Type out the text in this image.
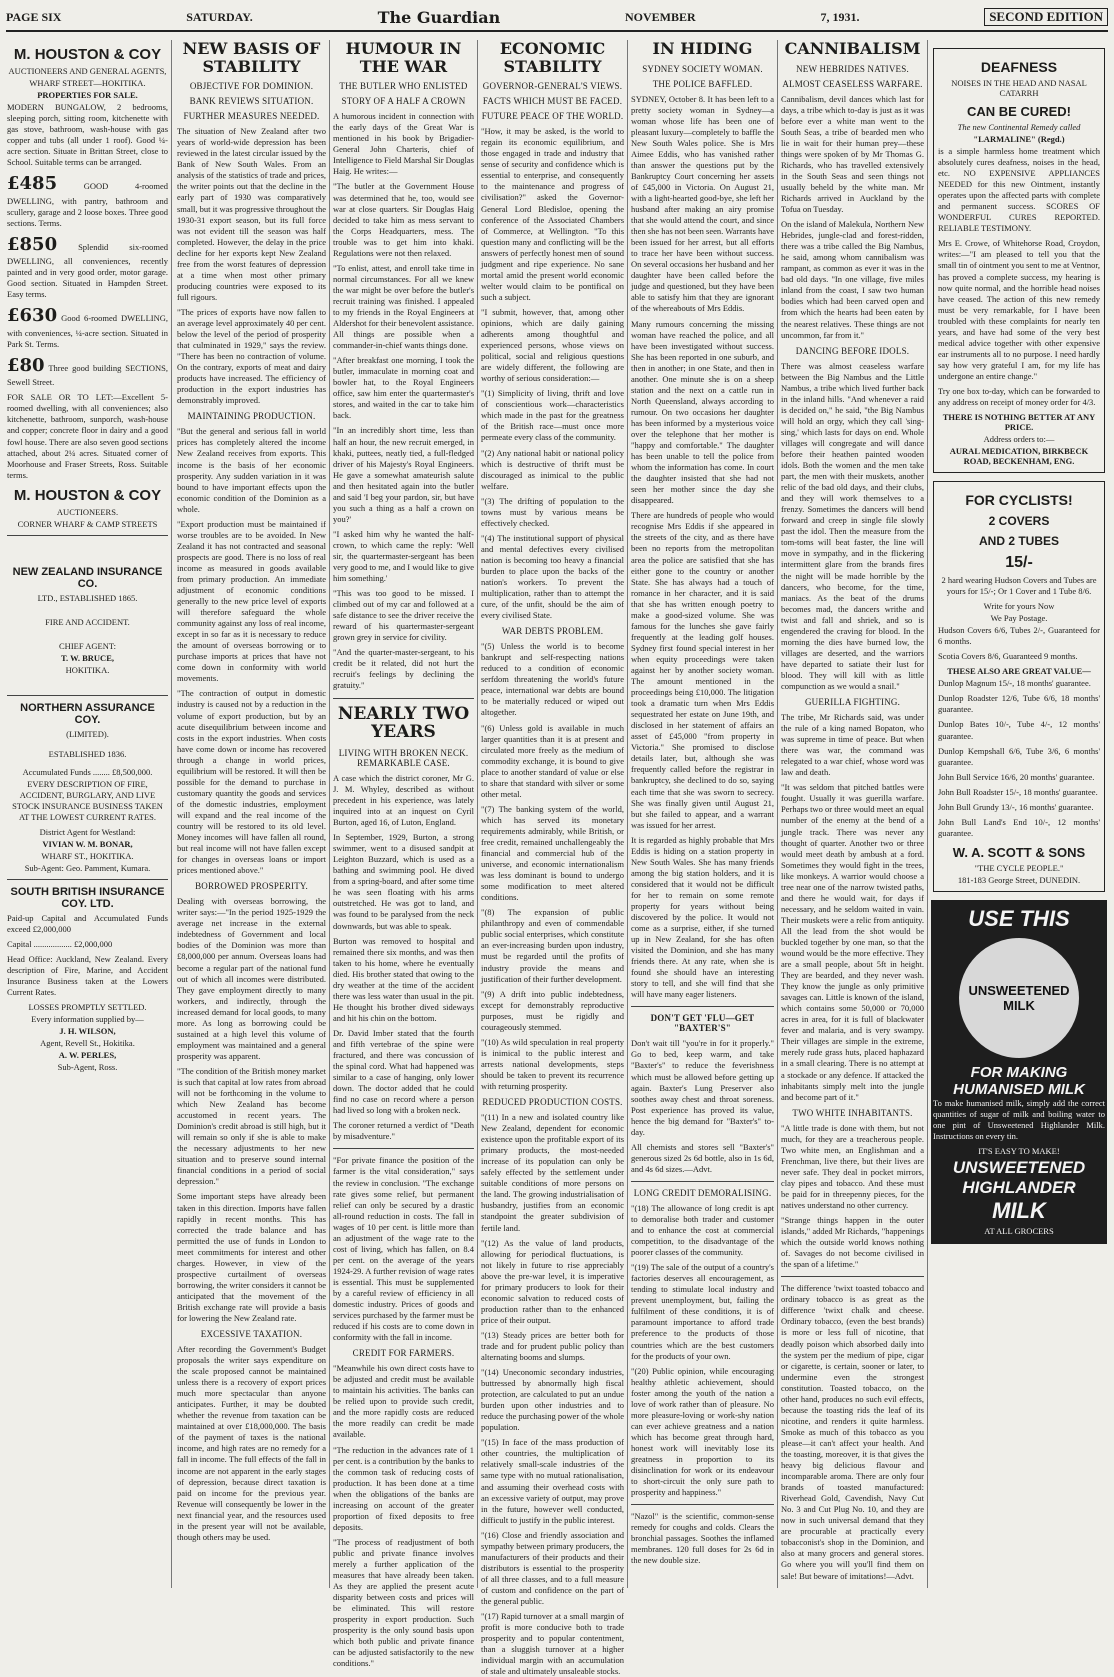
PAGE SIX	SATURDAY.	The Guardian	NOVEMBER	7, 1931.	SECOND EDITION
M. HOUSTON & COY
AUCTIONEERS AND GENERAL AGENTS,
WHARF STREET—HOKITIKA.
PROPERTIES FOR SALE.

MODERN BUNGALOW, 2 bedrooms, sleeping porch, sitting room, kitchenette with gas stove, bathroom, wash-house with gas copper and tubs (all under 1 roof). Good ¼-acre section. Situate in Brittan Street, close to School. Suitable terms can be arranged.

£485	GOOD 4-roomed DWELLING, with pantry, bathroom and scullery, garage and 2 loose boxes. Three good sections. Terms.

£850 Splendid six-roomed DWELLING, all conveniences, recently painted and in very good order, motor garage. Good section. Situated in Hampden Street. Easy terms.

£630 Good 6-roomed DWELLING, with conveniences, ¼-acre section. Situated in Park St. Terms.

£80 Three good building SECTIONS, Sewell Street.

FOR SALE OR TO LET:—Excellent 5-roomed dwelling, with all conveniences; also kitchenette, bathroom, sunporch, wash-house and copper; concrete floor in dairy and a good fowl house. There are also seven good sections attached, about 2¼ acres. Situated corner of Moorhouse and Fraser Streets, Ross. Suitable terms.

M. HOUSTON & COY
AUCTIONEERS.
CORNER WHARF & CAMP STREETS
NEW ZEALAND INSURANCE CO.
LTD., ESTABLISHED 1865.
FIRE AND ACCIDENT.
CHIEF AGENT:
T. W. BRUCE,
HOKITIKA.
NORTHERN ASSURANCE COY.
(LIMITED).
ESTABLISHED 1836.
Accumulated Funds ........ £8,500,000.

EVERY DESCRIPTION OF FIRE, ACCIDENT, BURGLARY, AND LIVE STOCK INSURANCE BUSINESS TAKEN AT THE LOWEST CURRENT RATES.

District Agent for Westland:
VIVIAN W. M. BONAR,
WHARF ST., HOKITIKA.
Sub-Agent: Geo. Pamment, Kumara.
SOUTH BRITISH INSURANCE COY. LTD.

Paid-up Capital and Accumulated Funds exceed £2,000,000

Capital .................. £2,000,000

Head Office: Auckland, New Zealand. Every description of Fire, Marine, and Accident Insurance Business taken at the Lowers Current Rates.

LOSSES PROMPTLY SETTLED.
Every information supplied by—
J. H. WILSON,
Agent, Revell St., Hokitika.
A. W. PERLES,
Sub-Agent, Ross.
NEW BASIS OF STABILITY
OBJECTIVE FOR DOMINION.
BANK REVIEWS SITUATION.
FURTHER MEASURES NEEDED.

The situation of New Zealand after two years of world-wide depression has been reviewed in the latest circular issued by the Bank of New South Wales. From an analysis of the statistics of trade and prices, the writer points out that the decline in the early part of 1930 was comparatively small, but it was progressive throughout the 1930-31 export season, but its full force was not evident till the season was half completed. However, the delay in the price decline for her exports kept New Zealand free from the worst features of depression at a time when most other primary producing countries were exposed to its full rigours.

"The prices of exports have now fallen to an average level approximately 40 per cent. below the level of the period of prosperity that culminated in 1929," says the review. "There has been no contraction of volume. On the contrary, exports of meat and dairy products have increased. The efficiency of production in the export industries has demonstrably improved.

MAINTAINING PRODUCTION.

"But the general and serious fall in world prices has completely altered the income New Zealand receives from exports. This income is the basis of her economic prosperity. Any sudden variation in it was bound to have important effects upon the economic condition of the Dominion as a whole.

"Export production must be maintained if worse troubles are to be avoided. In New Zealand it has not contracted and seasonal prospects are good. There is no loss of real income as measured in goods available from primary production. An immediate adjustment of economic conditions generally to the new price level of exports will therefore safeguard the whole community against any loss of real income, except in so far as it is necessary to reduce the amount of overseas borrowing or to purchase imports at prices that have not come down in conformity with world movements.

"The contraction of output in domestic industry is caused not by a reduction in the volume of export production, but by an acute disequilibrium between income and costs in the export industries. When costs have come down or income has recovered through a change in world prices, equilibrium will be restored. It will then be possible for the demand to purchase in customary quantity the goods and services of the domestic industries, employment will expand and the real income of the country will be restored to its old level. Money incomes will have fallen all round, but real income will not have fallen except for changes in overseas loans or import prices mentioned above."

BORROWED PROSPERITY.

Dealing with overseas borrowing, the writer says:—"In the period 1925-1929 the average net increase in the external indebtedness of Government and local bodies of the Dominion was more than £8,000,000 per annum. Overseas loans had become a regular part of the national fund out of which all incomes were distributed. They gave employment directly to many workers, and indirectly, through the increased demand for local goods, to many more. As long as borrowing could be sustained at a high level this volume of employment was maintained and a general prosperity was apparent.

"The condition of the British money market is such that capital at low rates from abroad will not be forthcoming in the volume to which New Zealand has become accustomed in recent years. The Dominion's credit abroad is still high, but it will remain so only if she is able to make the necessary adjustments to her new situation and to preserve sound internal financial conditions in a period of social depression."

Some important steps have already been taken in this direction. Imports have fallen rapidly in recent months. This has corrected the trade balance and has permitted the use of funds in London to meet commitments for interest and other charges. However, in view of the prospective curtailment of overseas borrowing, the writer considers it cannot be anticipated that the movement of the British exchange rate will provide a basis for lowering the New Zealand rate.

EXCESSIVE TAXATION.

After recording the Government's Budget proposals the writer says expenditure on the scale proposed cannot be maintained unless there is a recovery of export prices much more spectacular than anyone anticipates. Further, it may be doubted whether the revenue from taxation can be maintained at over £18,000,000. The basis of the payment of taxes is the national income, and high rates are no remedy for a fall in income. The full effects of the fall in income are not apparent in the early stages of depression, because direct taxation is paid on income for the previous year. Revenue will consequently be lower in the next financial year, and the resources used in the present year will not be available, though others may be used.

HUMOUR IN THE WAR
THE BUTLER WHO ENLISTED
STORY OF A HALF A CROWN

A humorous incident in connection with the early days of the Great War is mentioned in his book by Brigadier-General John Charteris, chief of Intelligence to Field Marshal Sir Douglas Haig. He writes:—

"The butler at the Government House was determined that he, too, would see war at close quarters. Sir Douglas Haig decided to take him as mess servant to the Corps Headquarters, mess. The trouble was to get him into khaki. Regulations were not then relaxed.

"To enlist, attest, and enroll take time in normal circumstances. For all we knew the war might be over before the butler's recruit training was finished. I appealed to my friends in the Royal Engineers at Aldershot for their benevolent assistance. All things are possible when a commander-in-chief wants things done.

"After breakfast one morning, I took the butler, immaculate in morning coat and bowler hat, to the Royal Engineers office, saw him enter the quartermaster's stores, and waited in the car to take him back.

"In an incredibly short time, less than half an hour, the new recruit emerged, in khaki, puttees, neatly tied, a full-fledged driver of his Majesty's Royal Engineers. He gave a somewhat amateurish salute and then hesitated again into the butler and said 'I beg your pardon, sir, but have you such a thing as a half a crown on you?'

"I asked him why he wanted the half-crown, to which came the reply: 'Well sir, the quartermaster-sergeant has been very good to me, and I would like to give him something.'

"This was too good to be missed. I climbed out of my car and followed at a safe distance to see the driver receive the reward of his quartermaster-sergeant grown grey in service for civility.

"And the quarter-master-sergeant, to his credit be it related, did not hurt the recruit's feelings by declining the gratuity."

NEARLY TWO YEARS
LIVING WITH BROKEN NECK. REMARKABLE CASE.

A case which the district coroner, Mr G. J. M. Whyley, described as without precedent in his experience, was lately inquired into at an inquest on Cyril Burton, aged 16, of Luton, England.

In September, 1929, Burton, a strong swimmer, went to a disused sandpit at Leighton Buzzard, which is used as a bathing and swimming pool. He dived from a spring-board, and after some time he was seen floating with his arms outstretched. He was got to land, and was found to be paralysed from the neck downwards, but was able to speak.

Burton was removed to hospital and remained there six months, and was then taken to his home, where he eventually died. His brother stated that owing to the dry weather at the time of the accident there was less water than usual in the pit. He thought his brother dived sideways and hit his chin on the bottom.

Dr. David Imber stated that the fourth and fifth vertebrae of the spine were fractured, and there was concussion of the spinal cord. What had happened was similar to a case of hanging, only lower down. The doctor added that he could find no case on record where a person had lived so long with a broken neck.

The coroner returned a verdict of "Death by misadventure."

"For private finance the position of the farmer is the vital consideration," says the review in conclusion. "The exchange rate gives some relief, but permanent relief can only be secured by a drastic all-round reduction in costs. The fall in wages of 10 per cent. is little more than an adjustment of the wage rate to the cost of living, which has fallen, on 8.4 per cent. on the average of the years 1924-29. A further revision of wage rates is essential. This must be supplemented by a careful review of efficiency in all domestic industry. Prices of goods and services purchased by the farmer must be reduced if his costs are to come down in conformity with the fall in income.

CREDIT FOR FARMERS.

"Meanwhile his own direct costs have to be adjusted and credit must be available to maintain his activities. The banks can be relied upon to provide such credit, and the more rapidly costs are reduced the more readily can credit be made available.

"The reduction in the advances rate of 1 per cent. is a contribution by the banks to the common task of reducing costs of production. It has been done at a time when the obligations of the banks are increasing on account of the greater proportion of fixed deposits to free deposits.

"The process of readjustment of both public and private finance involves merely a further application of the measures that have already been taken. As they are applied the present acute disparity between costs and prices will be eliminated. This will restore prosperity in export production. Such prosperity is the only sound basis upon which both public and private finance can be adjusted satisfactorily to the new conditions."

ECONOMIC STABILITY
GOVERNOR-GENERAL'S VIEWS.
FACTS WHICH MUST BE FACED.
FUTURE PEACE OF THE WORLD.

"How, it may be asked, is the world to regain its economic equilibrium, and those engaged in trade and industry that sense of security and confidence which is essential to enterprise, and consequently to the maintenance and progress of civilisation?" asked the Governor-General Lord Bledisloe, opening the conference of the Associated Chambers of Commerce, at Wellington. "To this question many and conflicting will be the answers of perfectly honest men of sound judgment and ripe experience. No sane mortal amid the present world economic welter would claim to be pontifical on such a subject.

"I submit, however, that, among other opinions, which are daily gaining adherents among thoughtful and experienced persons, whose views on political, social and religious questions are widely different, the following are worthy of serious consideration:—

"(1) Simplicity of living, thrift and love of conscientious work—characteristics which made in the past for the greatness of the British race—must once more permeate every class of the community.

"(2) Any national habit or national policy which is destructive of thrift must be discouraged as inimical to the public welfare.

"(3) The drifting of population to the towns must by various means be effectively checked.

"(4) The institutional support of physical and mental defectives every civilised nation is becoming too heavy a financial burden to place upon the backs of the nation's workers. To prevent the multiplication, rather than to attempt the cure, of the unfit, should be the aim of every civilised State.

WAR DEBTS PROBLEM.

"(5) Unless the world is to become bankrupt and self-respecting nations reduced to a condition of economic serfdom threatening the world's future peace, international war debts are bound to be materially reduced or wiped out altogether.

"(6) Unless gold is available in much larger quantities than it is at present and circulated more freely as the medium of commodity exchange, it is bound to give place to another standard of value or else to share that standard with silver or some other metal.

"(7) The banking system of the world, which has served its monetary requirements admirably, while British, or free credit, remained unchallengeably the financial and commercial hub of the universe, and economic internationalism was less dominant is bound to undergo some modification to meet altered conditions.

"(8) The expansion of public philanthropy and even of commendable public social enterprises, which constitute an ever-increasing burden upon industry, must be regarded until the profits of industry provide the means and justification of their further development.

"(9) A drift into public indebtedness, except for demonstrably reproductive purposes, must be rigidly and courageously stemmed.

"(10) As wild speculation in real property is inimical to the public interest and arrests national developments, steps should be taken to prevent its recurrence with returning prosperity.

REDUCED PRODUCTION COSTS.

"(11) In a new and isolated country like New Zealand, dependent for economic existence upon the profitable export of its primary products, the most-needed increase of its population can only be safely effected by the settlement under suitable conditions of more persons on the land. The growing industrialisation of husbandry, justifies from an economic standpoint the greater subdivision of fertile land.

"(12) As the value of land products, allowing for periodical fluctuations, is not likely in future to rise appreciably above the pre-war level, it is imperative for primary producers to look for their economic salvation to reduced costs of production rather than to the enhanced price of their output.

"(13) Steady prices are better both for trade and for prudent public policy than alternating booms and slumps.

"(14) Uneconomic secondary industries, buttressed by abnormally high fiscal protection, are calculated to put an undue burden upon other industries and to reduce the purchasing power of the whole population.

"(15) In face of the mass production of other countries, the multiplication of relatively small-scale industries of the same type with no mutual rationalisation, and assuming their overhead costs with an excessive variety of output, may prove in the future, however well conducted, difficult to justify in the public interest.

"(16) Close and friendly association and sympathy between primary producers, the manufacturers of their products and their distributors is essential to the prosperity of all three classes, and to a full measure of custom and confidence on the part of the general public.

"(17) Rapid turnover at a small margin of profit is more conducive both to trade prosperity and to popular contentment, than a sluggish turnover at a higher individual margin with an accumulation of stale and ultimately unsaleable stocks.

IN HIDING
SYDNEY SOCIETY WOMAN.
THE POLICE BAFFLED.

SYDNEY, October 8. It has been left to a pretty society woman in Sydney—a woman whose life has been one of pleasant luxury—completely to baffle the New South Wales police. She is Mrs Aimee Eddis, who has vanished rather than answer the questions put by the Bankruptcy Court concerning her assets of £45,000 in Victoria. On August 21, with a light-hearted good-bye, she left her husband after making an airy promise that she would attend the court, and since then she has not been seen. Warrants have been issued for her arrest, but all efforts to trace her have been without success. On several occasions her husband and her daughter have been called before the judge and questioned, but they have been able to satisfy him that they are ignorant of the whereabouts of Mrs Eddis.

Many rumours concerning the missing woman have reached the police, and all have been investigated without success. She has been reported in one suburb, and then in another; in one State, and then in another. One minute she is on a sheep station and the next on a cattle run in North Queensland, always according to rumour. On two occasions her daughter has been informed by a mysterious voice over the telephone that her mother is "happy and comfortable." The daughter has been unable to tell the police from whom the information has come. In court the daughter insisted that she had not seen her mother since the day she disappeared.

There are hundreds of people who would recognise Mrs Eddis if she appeared in the streets of the city, and as there have been no reports from the metropolitan area the police are satisfied that she has either gone to the country or another State. She has always had a touch of romance in her character, and it is said that she has written enough poetry to make a good-sized volume. She was famous for the lunches she gave fairly frequently at the leading golf houses. Sydney first found special interest in her when equity proceedings were taken against her by another society woman. The amount mentioned in the proceedings being £10,000. The litigation took a dramatic turn when Mrs Eddis sequestrated her estate on June 19th, and disclosed in her statement of affairs an asset of £45,000 "from property in Victoria." She promised to disclose details later, but, although she was frequently called before the registrar in bankruptcy, she declined to do so, saying each time that she was sworn to secrecy. She was finally given until August 21, but she failed to appear, and a warrant was issued for her arrest.

It is regarded as highly probable that Mrs Eddis is hiding on a station property in New South Wales. She has many friends among the big station holders, and it is considered that it would not be difficult for her to remain on some remote property for years without being discovered by the police. It would not come as a surprise, either, if she turned up in New Zealand, for she has often visited the Dominion, and she has many friends there. At any rate, when she is found she should have an interesting story to tell, and she will find that she will have many eager listeners.

DON'T GET 'FLU—GET "BAXTER'S"

Don't wait till "you're in for it properly." Go to bed, keep warm, and take "Baxter's" to reduce the feverishness which must be allowed before getting up again. Baxter's Lung Preserver also soothes away chest and throat soreness. Post experience has proved its value, hence the big demand for "Baxter's" to-day.

All chemists and stores sell "Baxter's" generous sized 2s 6d bottle, also in 1s 6d, and 4s 6d sizes.—Advt.

LONG CREDIT DEMORALISING.

"(18) The allowance of long credit is apt to demoralise both trader and customer and to enhance the cost at commercial competition, to the disadvantage of the poorer classes of the community.

"(19) The sale of the output of a country's factories deserves all encouragement, as tending to stimulate local industry and prevent unemployment, but, failing the fulfilment of these conditions, it is of paramount importance to afford trade preference to the products of those countries which are the best customers for the products of your own.

"(20) Public opinion, while encouraging healthy athletic achievement, should foster among the youth of the nation a love of work rather than of pleasure. No more pleasure-loving or work-shy nation can ever achieve greatness and a nation which has become great through hard, honest work will inevitably lose its greatness in proportion to its disinclination for work or its endeavour to short-circuit the only sure path to prosperity and happiness."

"Nazol" is the scientific, common-sense remedy for coughs and colds. Clears the bronchial passages. Soothes the inflamed membranes. 120 full doses for 2s 6d in the new double size.

CANNIBALISM
NEW HEBRIDES NATIVES.
ALMOST CEASELESS WARFARE.

Cannibalism, devil dances which last for days, a tribe which to-day is just as it was before ever a white man went to the South Seas, a tribe of bearded men who lie in wait for their human prey—these things were spoken of by Mr Thomas G. Richards, who has travelled extensively in the South Seas and seen things not usually beheld by the white man. Mr Richards arrived in Auckland by the Tofua on Tuesday.

On the island of Malekula, Northern New Hebrides, jungle-clad and forest-ridden, there was a tribe called the Big Nambus, he said, among whom cannibalism was rampant, as common as ever it was in the bad old days. "In one village, five miles inland from the coast, I saw two human bodies which had been carved open and from which the hearts had been eaten by the nearest relatives. These things are not uncommon, far from it."

DANCING BEFORE IDOLS.

There was almost ceaseless warfare between the Big Nambus and the Little Nambus, a tribe which lived further back in the inland hills. "And whenever a raid is decided on," he said, "the Big Nambus will hold an orgy, which they call 'sing-sing,' which lasts for days on end. Whole villages will congregate and will dance before their heathen painted wooden idols. Both the women and the men take part, the men with their muskets, another relic of the bad old days, and their clubs, and they will work themselves to a frenzy. Sometimes the dancers will bend forward and creep in single file slowly past the idol. Then the measure from the tom-toms will beat faster, the line will move in sympathy, and in the flickering intermittent glare from the brands fires the night will be made horrible by the dancers, who become, for the time, maniacs. As the beat of the drums becomes mad, the dancers writhe and twist and fall and shriek, and so is engendered the craving for blood. In the morning the dies have burned low, the villages are deserted, and the warriors have departed to satiate their lust for blood. They will kill with as little compunction as we would a snail."

GUERILLA FIGHTING.

The tribe, Mr Richards said, was under the rule of a king named Bopaton, who was supreme in time of peace. But when there was war, the command was relegated to a war chief, whose word was law and death.

"It was seldom that pitched battles were fought. Usually it was guerilla warfare. Perhaps two or three would meet an equal number of the enemy at the bend of a jungle track. There was never any thought of quarter. Another two or three would meet death by ambush at a ford. Sometimes they would fight in the trees, like monkeys. A warrior would choose a tree near one of the narrow twisted paths, and there he would wait, for days if necessary, and he seldom waited in vain. Their muskets were a relic from antiquity. All the lead from the shot would be buckled together by one man, so that the wound would be the more effective. They are a small people, about 5ft in height. They are bearded, and they never wash. They know the jungle as only primitive savages can. Little is known of the island, which contains some 50,000 or 70,000 acres in area, for it is full of blackwater fever and malaria, and is very swampy. Their villages are simple in the extreme, merely rude grass huts, placed haphazard in a small clearing. There is no attempt at a stockade or any defence. If attacked the inhabitants simply melt into the jungle and become part of it."

TWO WHITE INHABITANTS.

"A little trade is done with them, but not much, for they are a treacherous people. Two white men, an Englishman and a Frenchman, live there, but their lives are never safe. They deal in pocket mirrors, clay pipes and tobacco. And these must be paid for in threepenny pieces, for the natives understand no other currency.

"Strange things happen in the outer islands," added Mr Richards, "happenings which the outside world knows nothing of. Savages do not become civilised in the span of a lifetime."

The difference 'twixt toasted tobacco and ordinary tobacco is as great as the difference 'twixt chalk and cheese. Ordinary tobacco, (even the best brands) is more or less full of nicotine, that deadly poison which absorbed daily into the system per the medium of pipe, cigar or cigarette, is certain, sooner or later, to undermine even the strongest constitution. Toasted tobacco, on the other hand, produces no such evil effects, because the toasting rids the leaf of its nicotine, and renders it quite harmless. Smoke as much of this tobacco as you please—it can't affect your health. And the toasting, moreover, it is that gives the heavy big delicious flavour and incomparable aroma. There are only four brands of toasted manufactured: Riverhead Gold, Cavendish, Navy Cut No. 3 and Cut Plug No. 10, and they are now in such universal demand that they are procurable at practically every tobacconist's shop in the Dominion, and also at many grocers and general stores. Go where you will you'll find them on sale! But beware of imitations!—Advt.

DEAFNESS
NOISES IN THE HEAD AND NASAL CATARRH
CAN BE CURED!
The new Continental Remedy called
"LARMALINE" (Regd.)

is a simple harmless home treatment which absolutely cures deafness, noises in the head, etc. NO EXPENSIVE APPLIANCES NEEDED for this new Ointment, instantly operates upon the affected parts with complete and permanent success. SCORES OF WONDERFUL CURES REPORTED. RELIABLE TESTIMONY.

Mrs E. Crowe, of Whitehorse Road, Croydon, writes:—"I am pleased to tell you that the small tin of ointment you sent to me at Ventnor, has proved a complete success, my hearing is now quite normal, and the horrible head noises have ceased. The action of this new remedy must be very remarkable, for I have been troubled with these complaints for nearly ten years, and have had some of the very best medical advice together with other expensive ear instruments all to no purpose. I need hardly say how very grateful I am, for my life has undergone an entire change."

Try one box to-day, which can be forwarded to any address on receipt of money order for 4/3.

THERE IS NOTHING BETTER AT ANY PRICE.
Address orders to:—
AURAL MEDICATION, BIRKBECK ROAD, BECKENHAM, ENG.
FOR CYCLISTS!
2 COVERS
AND 2 TUBES
15/-

2 hard wearing Hudson Covers and Tubes are yours for 15/-; Or 1 Cover and 1 Tube 8/6.

Write for yours Now
We Pay Postage.

Hudson Covers 6/6, Tubes 2/-, Guaranteed for 6 months.

Scotia Covers 8/6, Guaranteed 9 months.

THESE ALSO ARE GREAT VALUE—

Dunlop Magnum 15/-, 18 months' guarantee.

Dunlop Roadster 12/6, Tube 6/6, 18 months' guarantee.

Dunlop Bates 10/-, Tube 4/-, 12 months' guarantee.

Dunlop Kempshall 6/6, Tube 3/6, 6 months' guarantee.

John Bull Service 16/6, 20 months' guarantee.

John Bull Roadster 15/-, 18 months' guarantee.

John Bull Grundy 13/-, 16 months' guarantee.

John Bull Land's End 10/-, 12 months' guarantee.

W. A. SCOTT & SONS
"THE CYCLE PEOPLE."
181-183 George Street, DUNEDIN.
USE THIS
UNSWEETENED MILK
FOR MAKING HUMANISED MILK

To make humanised milk, simply add the correct quantities of sugar of milk and boiling water to one pint of Unsweetened Highlander Milk. Instructions on every tin.

IT'S EASY TO MAKE!
UNSWEETENED
HIGHLANDER
MILK
AT ALL GROCERS
